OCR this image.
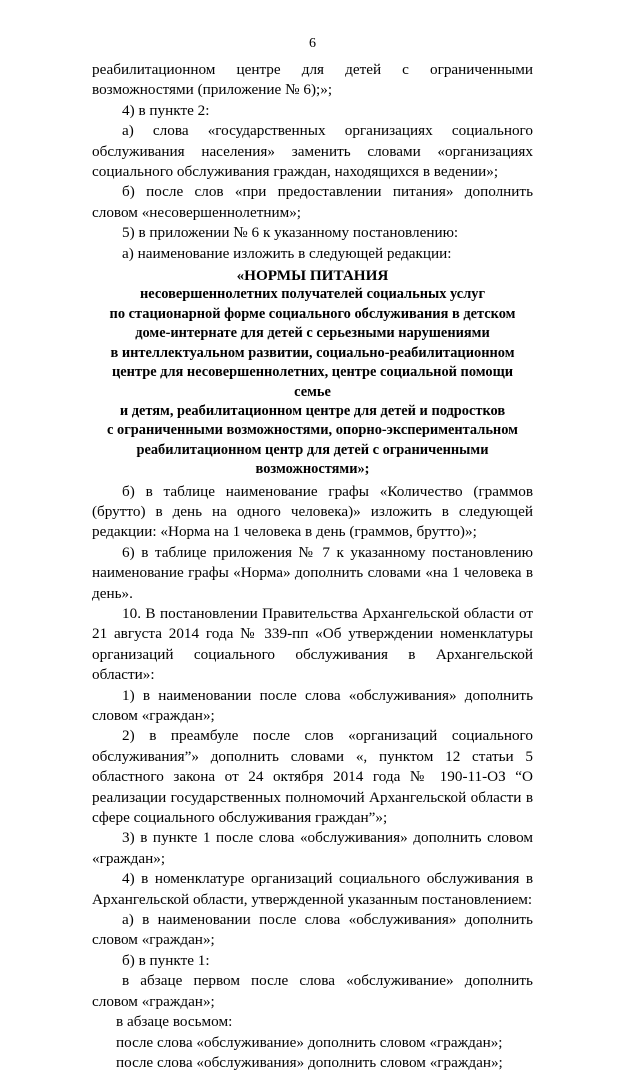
6

реабилитационном центре для детей с ограниченными возможностями (приложение № 6);»;

4) в пункте 2:

а) слова «государственных организациях социального обслуживания населения» заменить словами «организациях социального обслуживания граждан, находящихся в ведении»;

б) после слов «при предоставлении питания» дополнить словом «несовершеннолетним»;

5) в приложении № 6 к указанному постановлению:

а) наименование изложить в следующей редакции:

«НОРМЫ ПИТАНИЯ
несовершеннолетних получателей социальных услуг
по стационарной форме социального обслуживания в детском
доме-интернате для детей с серьезными нарушениями
в интеллектуальном развитии, социально-реабилитационном
центре для несовершеннолетних, центре социальной помощи семье
и детям, реабилитационном центре для детей и подростков
с ограниченными возможностями, опорно-экспериментальном
реабилитационном центр для детей с ограниченными возможностями»;

б) в таблице наименование графы «Количество (граммов (брутто) в день на одного человека)» изложить в следующей редакции: «Норма на 1 человека в день (граммов, брутто)»;

6) в таблице приложения № 7 к указанному постановлению наименование графы «Норма» дополнить словами «на 1 человека в день».

10. В постановлении Правительства Архангельской области от 21 августа 2014 года № 339-пп «Об утверждении номенклатуры организаций социального обслуживания в Архангельской области»:

1) в наименовании после слова «обслуживания» дополнить словом «граждан»;

2) в преамбуле после слов «организаций социального обслуживания”» дополнить словами «, пунктом 12 статьи 5 областного закона от 24 октября 2014 года № 190-11-ОЗ “О реализации государственных полномочий Архангельской области в сфере социального обслуживания граждан”»;

3) в пункте 1 после слова «обслуживания» дополнить словом «граждан»;

4) в номенклатуре организаций социального обслуживания в Архангельской области, утвержденной указанным постановлением:

а) в наименовании после слова «обслуживания» дополнить словом «граждан»;

б) в пункте 1:

в абзаце первом после слова «обслуживание» дополнить словом «граждан»;

в абзаце восьмом:

после слова «обслуживание» дополнить словом «граждан»;

после слова «обслуживания» дополнить словом «граждан»;
